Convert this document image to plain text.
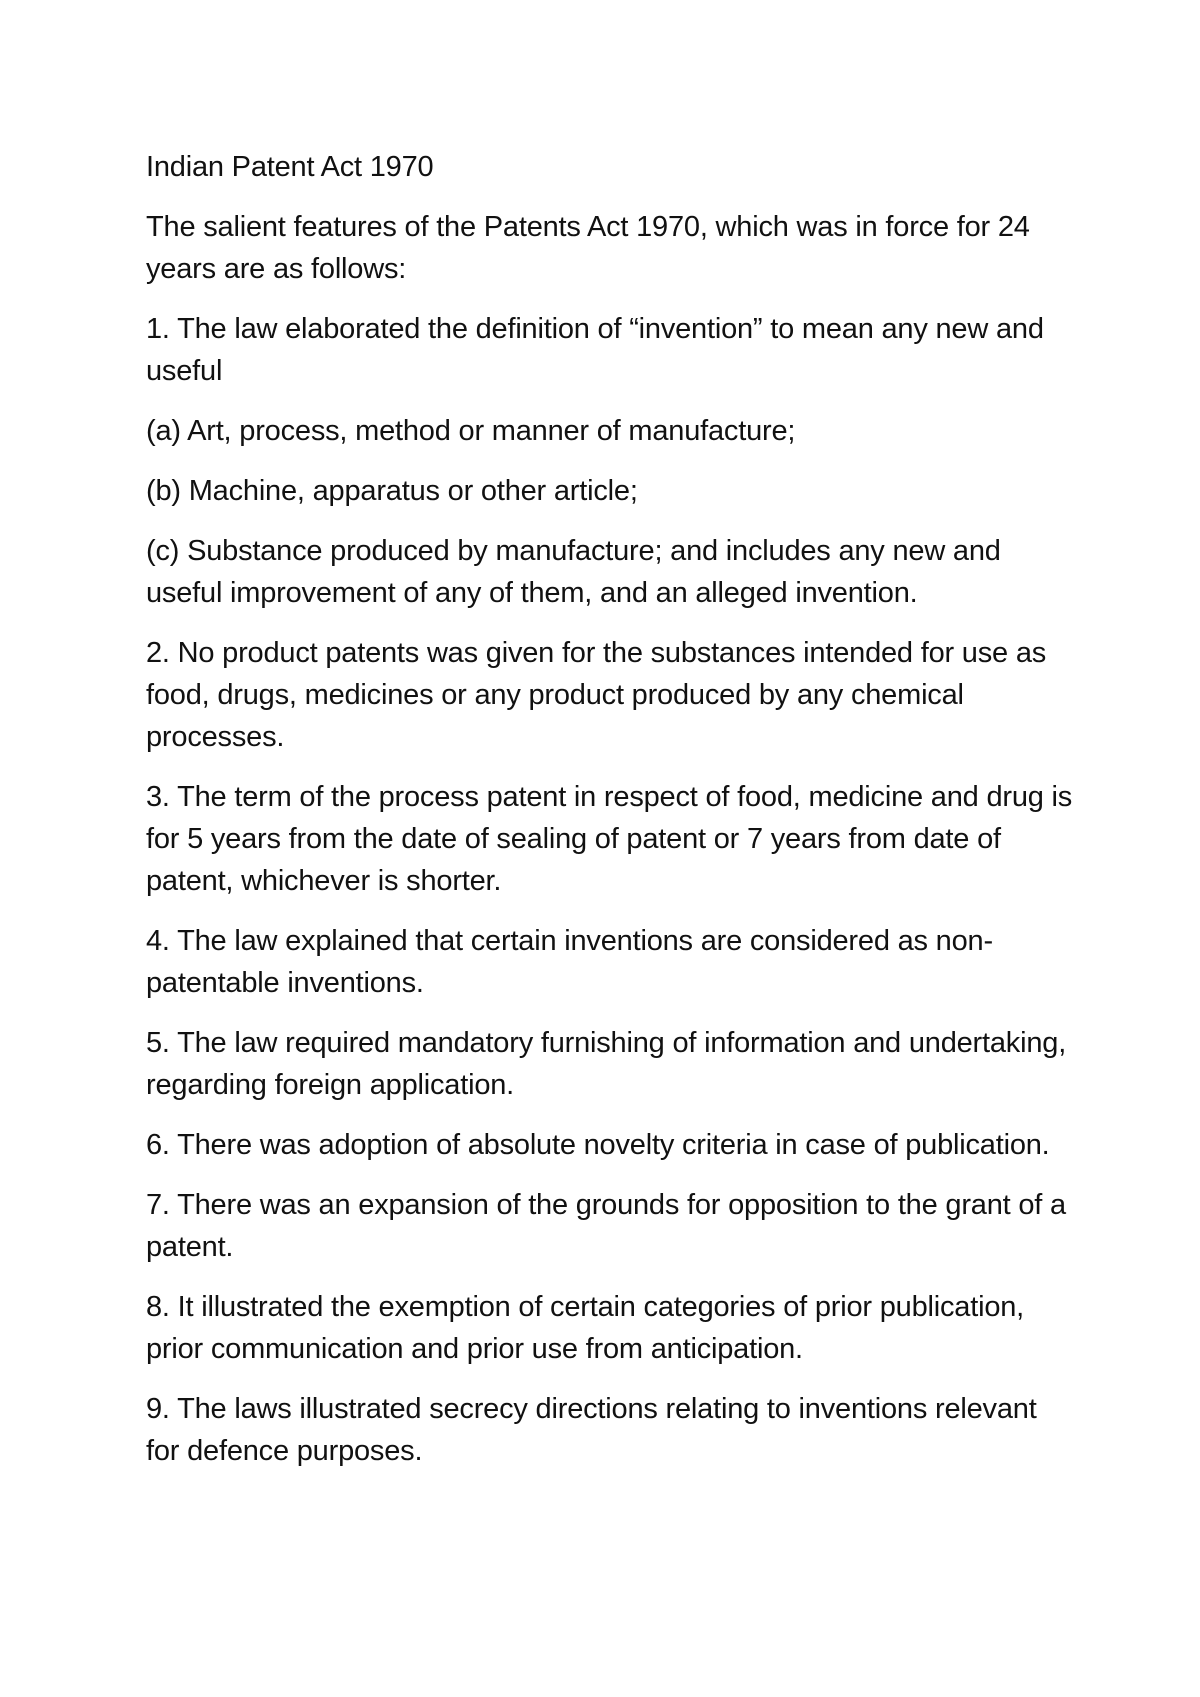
Indian Patent Act 1970

The salient features of the Patents Act 1970, which was in force for 24 years are as follows:

1. The law elaborated the definition of “invention” to mean any new and useful

(a) Art, process, method or manner of manufacture;

(b) Machine, apparatus or other article;

(c) Substance produced by manufacture; and includes any new and useful improvement of any of them, and an alleged invention.

2. No product patents was given for the substances intended for use as food, drugs, medicines or any product produced by any chemical processes.

3. The term of the process patent in respect of food, medicine and drug is for 5 years from the date of sealing of patent or 7 years from date of patent, whichever is shorter.

4. The law explained that certain inventions are considered as non-patentable inventions.

5. The law required mandatory furnishing of information and undertaking, regarding foreign application.

6. There was adoption of absolute novelty criteria in case of publication.

7. There was an expansion of the grounds for opposition to the grant of a patent.

8. It illustrated the exemption of certain categories of prior publication, prior communication and prior use from anticipation.

9. The laws illustrated secrecy directions relating to inventions relevant for defence purposes.
